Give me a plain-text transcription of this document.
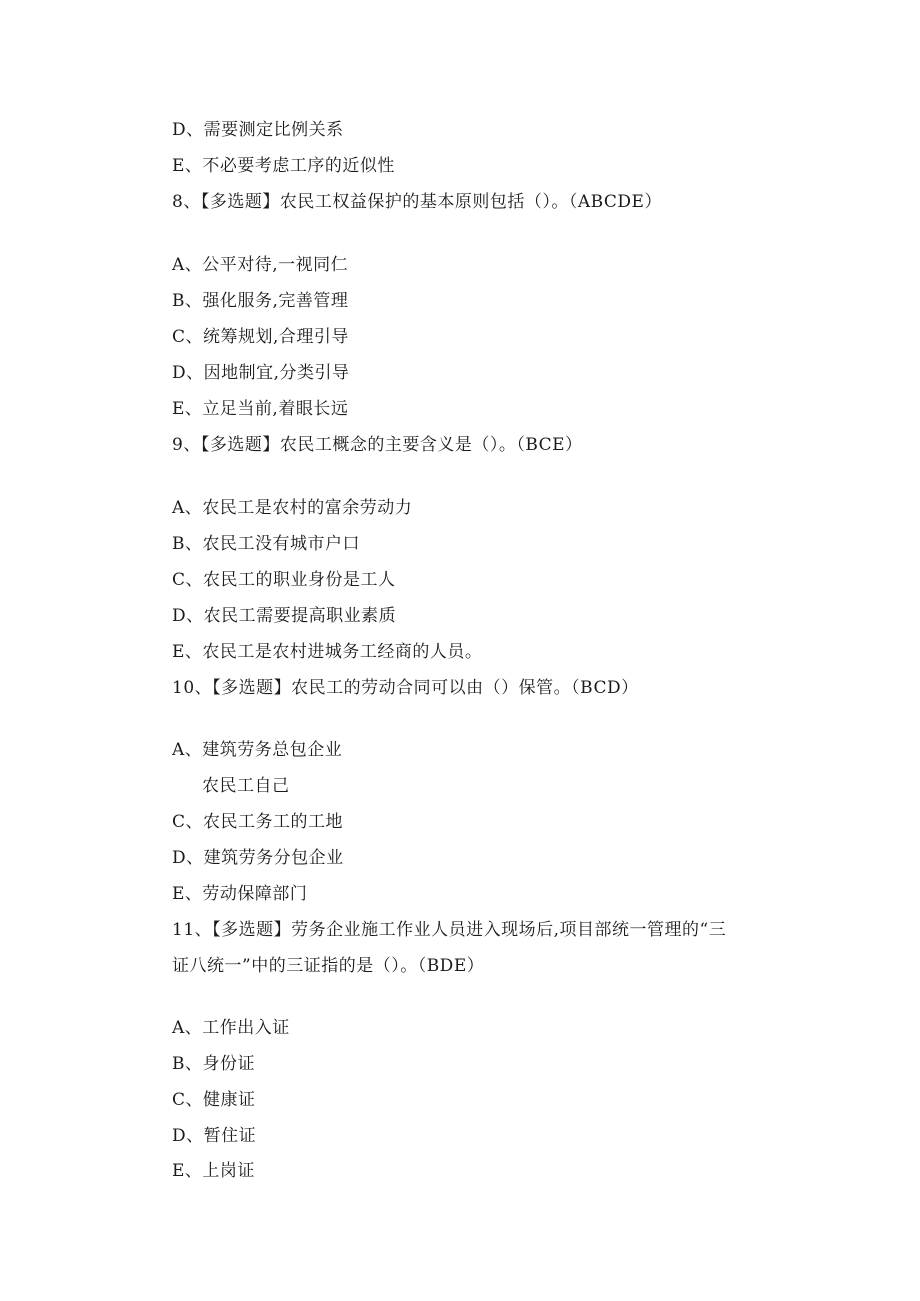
D、需要测定比例关系
E、不必要考虑工序的近似性
8、【多选题】农民工权益保护的基本原则包括（）。（ABCDE）
A、公平对待,一视同仁
B、强化服务,完善管理
C、统筹规划,合理引导
D、因地制宜,分类引导
E、立足当前,着眼长远
9、【多选题】农民工概念的主要含义是（）。（BCE）
A、农民工是农村的富余劳动力
B、农民工没有城市户口
C、农民工的职业身份是工人
D、农民工需要提高职业素质
E、农民工是农村进城务工经商的人员。
10、【多选题】农民工的劳动合同可以由（）保管。（BCD）
A、建筑劳务总包企业
农民工自己
C、农民工务工的工地
D、建筑劳务分包企业
E、劳动保障部门
11、【多选题】劳务企业施工作业人员进入现场后,项目部统一管理的“三
证八统一”中的三证指的是（）。（BDE）
A、工作出入证
B、身份证
C、健康证
D、暂住证
E、上岗证
